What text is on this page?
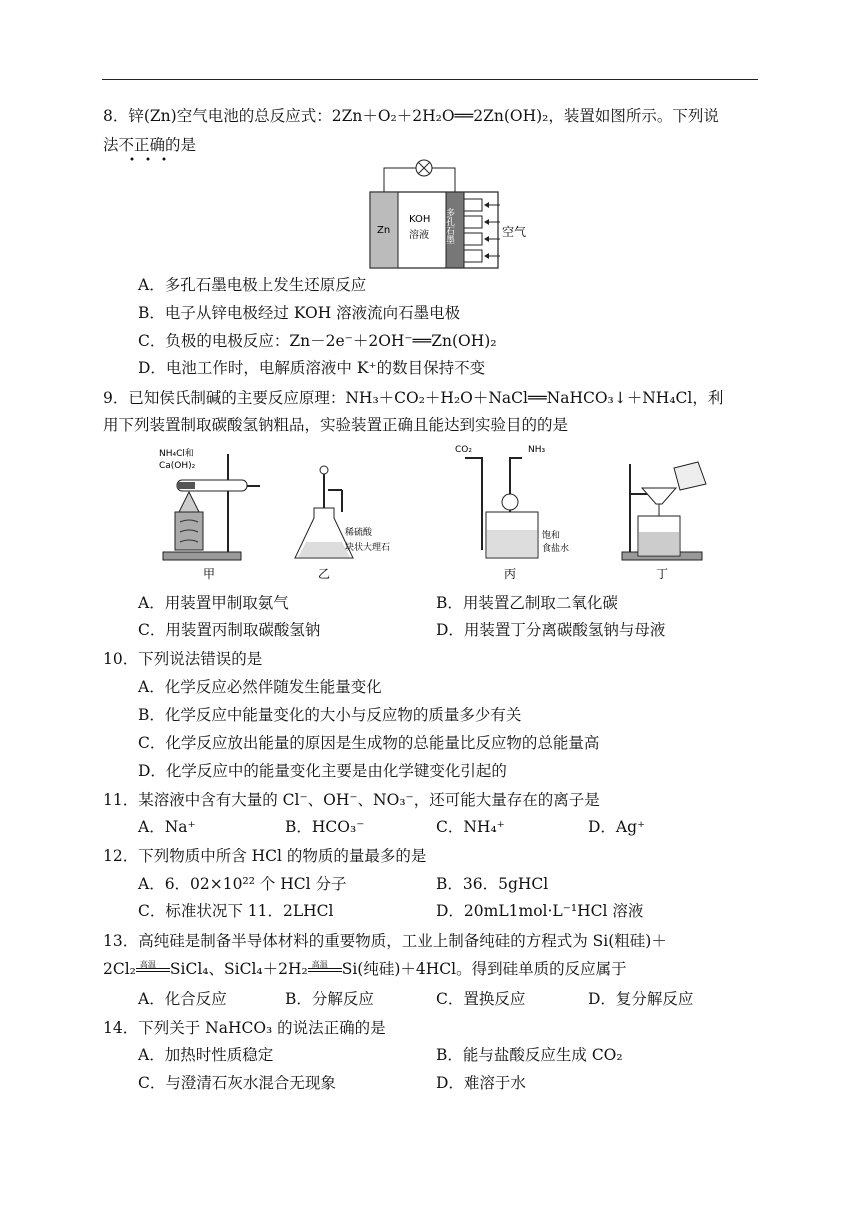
8．锌(Zn)空气电池的总反应式：2Zn＋O₂＋2H₂O══2Zn(OH)₂，装置如图所示。下列说
法不正确的是
Zn
KOH
溶液 多孔石墨	空气
A．多孔石墨电极上发生还原反应
B．电子从锌电极经过 KOH 溶液流向石墨电极
C．负极的电极反应：Zn－2e⁻＋2OH⁻══Zn(OH)₂
D．电池工作时，电解质溶液中 K⁺的数目保持不变
9．已知侯氏制碱的主要反应原理：NH₃＋CO₂＋H₂O＋NaCl══NaHCO₃↓＋NH₄Cl，利
用下列装置制取碳酸氢钠粗品，实验装置正确且能达到实验目的的是
NH₄Cl和
Ca(OH)₂
稀硫酸
块状大理石
CO₂	NH₃
饱和
食盐水
甲	乙	丙	丁
A．用装置甲制取氨气	B．用装置乙制取二氧化碳
C．用装置丙制取碳酸氢钠	D．用装置丁分离碳酸氢钠与母液
10．下列说法错误的是
A．化学反应必然伴随发生能量变化
B．化学反应中能量变化的大小与反应物的质量多少有关
C．化学反应放出能量的原因是生成物的总能量比反应物的总能量高
D．化学反应中的能量变化主要是由化学键变化引起的
11．某溶液中含有大量的 Cl⁻、OH⁻、NO₃⁻，还可能大量存在的离子是
A．Na⁺	B．HCO₃⁻	C．NH₄⁺	D．Ag⁺
12．下列物质中所含 HCl 的物质的量最多的是
A．6．02×10²² 个 HCl 分子	B．36．5gHCl
C．标准状况下 11．2LHCl	D．20mL1mol·L⁻¹HCl 溶液
13．高纯硅是制备半导体材料的重要物质，工业上制备纯硅的方程式为 Si(粗硅)＋
2Cl₂ 高温 SiCl₄、SiCl₄＋2H₂ 高温 Si(纯硅)＋4HCl。得到硅单质的反应属于
A．化合反应	B．分解反应	C．置换反应	D．复分解反应
14．下列关于 NaHCO₃ 的说法正确的是
A．加热时性质稳定	B．能与盐酸反应生成 CO₂
C．与澄清石灰水混合无现象	D．难溶于水
